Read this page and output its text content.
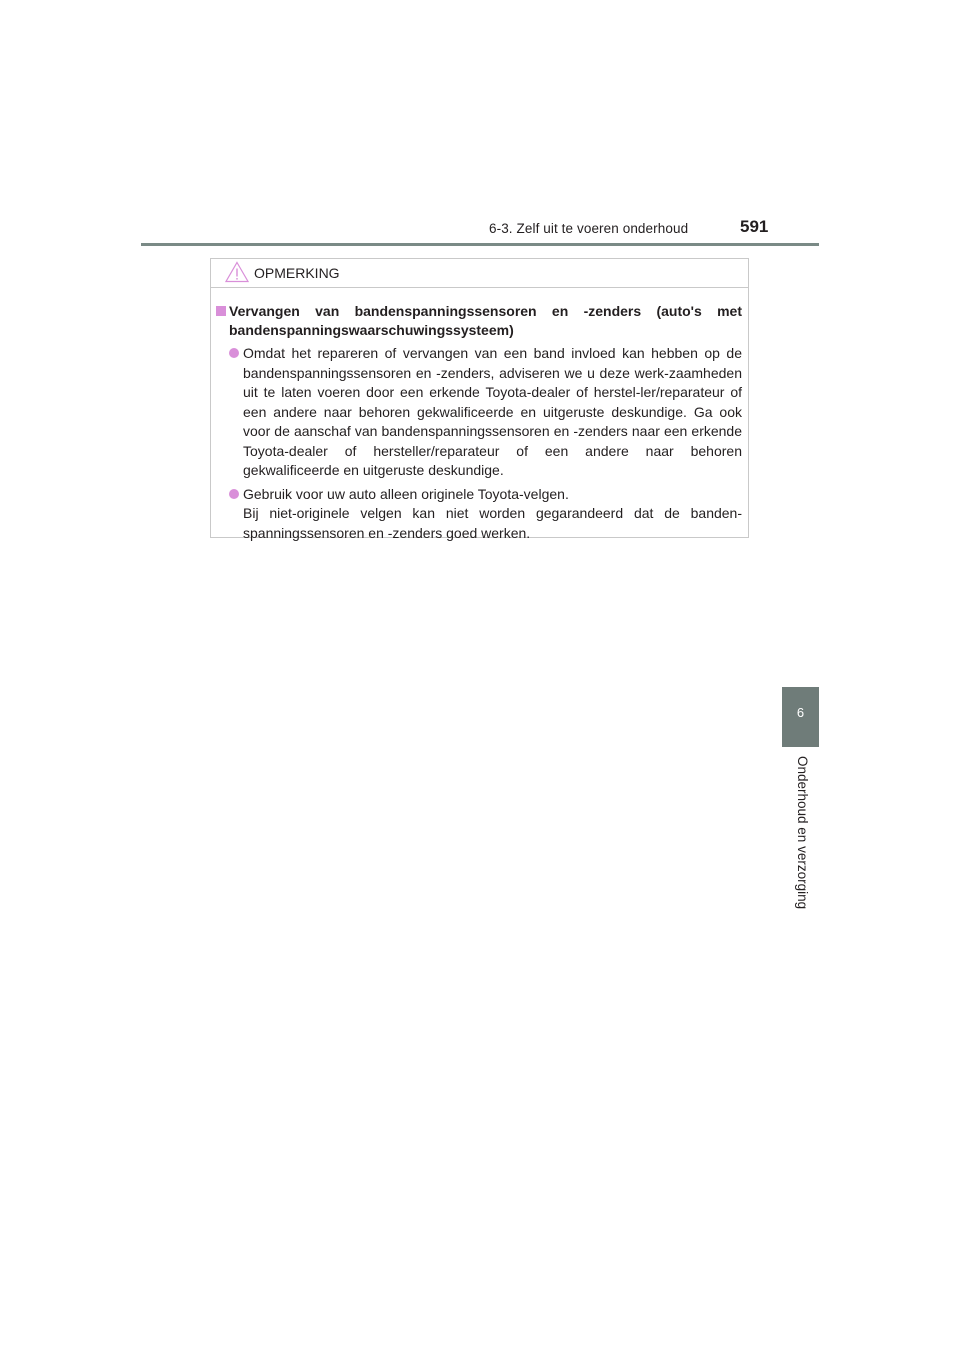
6-3. Zelf uit te voeren onderhoud	591
6
Onderhoud en verzorging
OPMERKING
Vervangen van bandenspanningssensoren en -zenders (auto's met bandenspanningswaarschuwingssysteem)
Omdat het repareren of vervangen van een band invloed kan hebben op de bandenspanningssensoren en -zenders, adviseren we u deze werk-zaamheden uit te laten voeren door een erkende Toyota-dealer of herstel-ler/reparateur of een andere naar behoren gekwalificeerde en uitgeruste deskundige. Ga ook voor de aanschaf van bandenspanningssensoren en -zenders naar een erkende Toyota-dealer of hersteller/reparateur of een andere naar behoren gekwalificeerde en uitgeruste deskundige.

Gebruik voor uw auto alleen originele Toyota-velgen.

Bij niet-originele velgen kan niet worden gegarandeerd dat de banden-spanningssensoren en -zenders goed werken.
